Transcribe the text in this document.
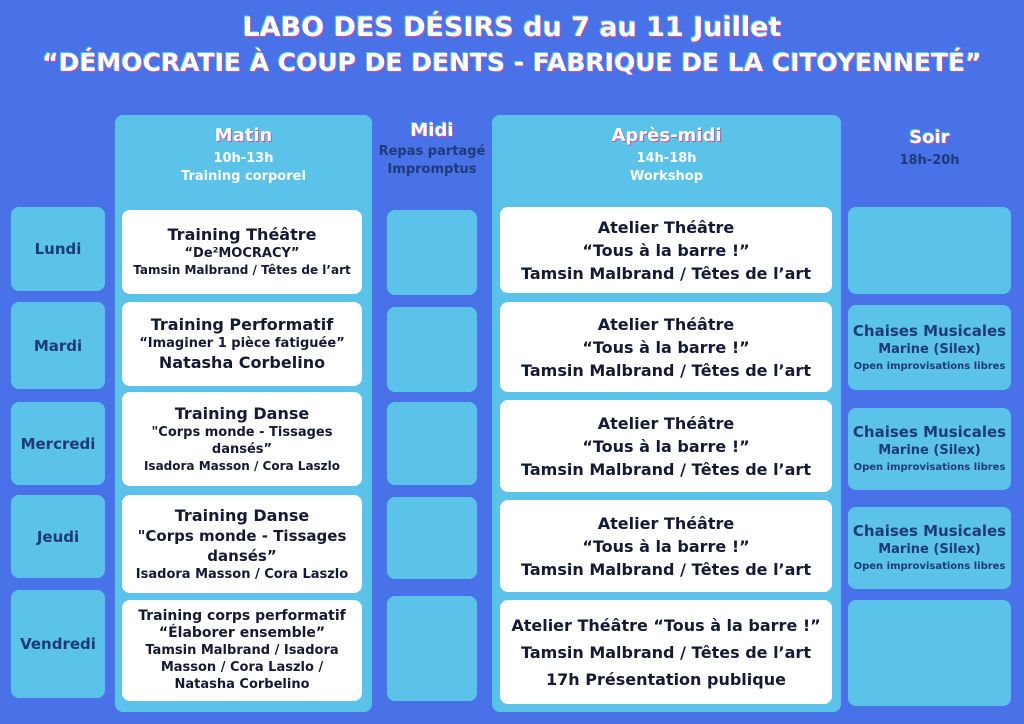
LABO DES DÉSIRS du 7 au 11 Juillet
“DÉMOCRATIE À COUP DE DENTS - FABRIQUE DE LA CITOYENNETÉ”
Matin
10h-13h
Training corporel
Midi
Repas partagé
Impromptus
Après-midi
14h-18h
Workshop
Soir
18h-20h
Lundi
Mardi
Mercredi
Jeudi
Vendredi
Training Théâtre
“De²MOCRACY”
Tamsin Malbrand / Têtes de l’art
Training Performatif
“Imaginer 1 pièce fatiguée”
Natasha Corbelino
Training Danse
"Corps monde - Tissages
dansés”
Isadora Masson / Cora Laszlo
Training Danse
"Corps monde - Tissages
dansés”
Isadora Masson / Cora Laszlo
Training corps performatif
“Élaborer ensemble”
Tamsin Malbrand / Isadora
Masson / Cora Laszlo /
Natasha Corbelino
Atelier Théâtre
“Tous à la barre !”
Tamsin Malbrand / Têtes de l’art
Atelier Théâtre
“Tous à la barre !”
Tamsin Malbrand / Têtes de l’art
Atelier Théâtre
“Tous à la barre !”
Tamsin Malbrand / Têtes de l’art
Atelier Théâtre
“Tous à la barre !”
Tamsin Malbrand / Têtes de l’art
Atelier Théâtre “Tous à la barre !”
Tamsin Malbrand / Têtes de l’art
17h Présentation publique
Chaises Musicales
Marine (Silex)
Open improvisations libres
Chaises Musicales
Marine (Silex)
Open improvisations libres
Chaises Musicales
Marine (Silex)
Open improvisations libres
